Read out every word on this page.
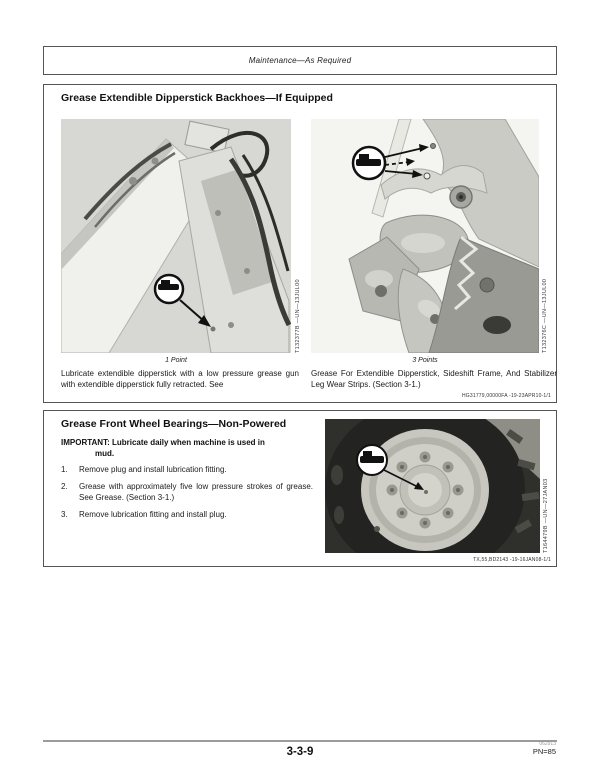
Maintenance—As Required
Grease Extendible Dipperstick Backhoes—If Equipped
T132377B —UN—13JUL00	T132376C —UN—13JUL00
1 Point	3 Points
Lubricate extendible dipperstick with a low pressure grease gun with extendible dipperstick fully retracted. See
Grease For Extendible Dipperstick, Sideshift Frame, And Stabilizer Leg Wear Strips. (Section 3-1.)
HG31779,00000FA -19-23APR10-1/1
Grease Front Wheel Bearings—Non-Powered
IMPORTANT: Lubricate daily when machine is used in mud.
1. Remove plug and install lubrication fitting.
2. Grease with approximately five low pressure strokes of grease. See Grease. (Section 3-1.)
3. Remove lubrication fitting and install plug.	T164479B —UN—27JAN03
TX,55,BD2143 -19-16JAN08-1/1
3-3-9
062913
PN=85
